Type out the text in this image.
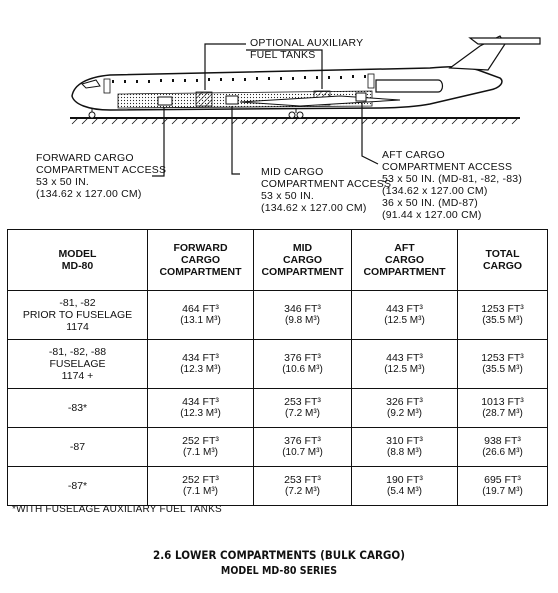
OPTIONAL AUXILIARY
FUEL TANKS
FORWARD CARGO
COMPARTMENT ACCESS
53 x 50 IN.
(134.62 x 127.00 CM)
MID CARGO
COMPARTMENT ACCESS
53 x 50 IN.
(134.62 x 127.00 CM)
AFT CARGO
COMPARTMENT ACCESS
53 x 50 IN. (MD-81, -82, -83)
(134.62 x 127.00 CM)
36 x 50 IN. (MD-87)
(91.44 x 127.00 CM)
MODEL
MD-80	FORWARD
CARGO
COMPARTMENT	MID
CARGO
COMPARTMENT	AFT
CARGO
COMPARTMENT	TOTAL
CARGO
-81, -82
PRIOR TO FUSELAGE
1174	464 FT³
(13.1 M³)	346 FT³
(9.8 M³)	443 FT³
(12.5 M³)	1253 FT³
(35.5 M³)

-81, -82, -88
FUSELAGE
1174 +	434 FT³
(12.3 M³)	376 FT³
(10.6 M³)	443 FT³
(12.5 M³)	1253 FT³
(35.5 M³)

-83*	434 FT³
(12.3 M³)	253 FT³
(7.2 M³)	326 FT³
(9.2 M³)	1013 FT³
(28.7 M³)

-87	252 FT³
(7.1 M³)	376 FT³
(10.7 M³)	310 FT³
(8.8 M³)	938 FT³
(26.6 M³)

-87*	252 FT³
(7.1 M³)	253 FT³
(7.2 M³)	190 FT³
(5.4 M³)	695 FT³
(19.7 M³)
*WITH FUSELAGE AUXILIARY FUEL TANKS
2.6 LOWER COMPARTMENTS (BULK CARGO)
MODEL MD-80 SERIES
